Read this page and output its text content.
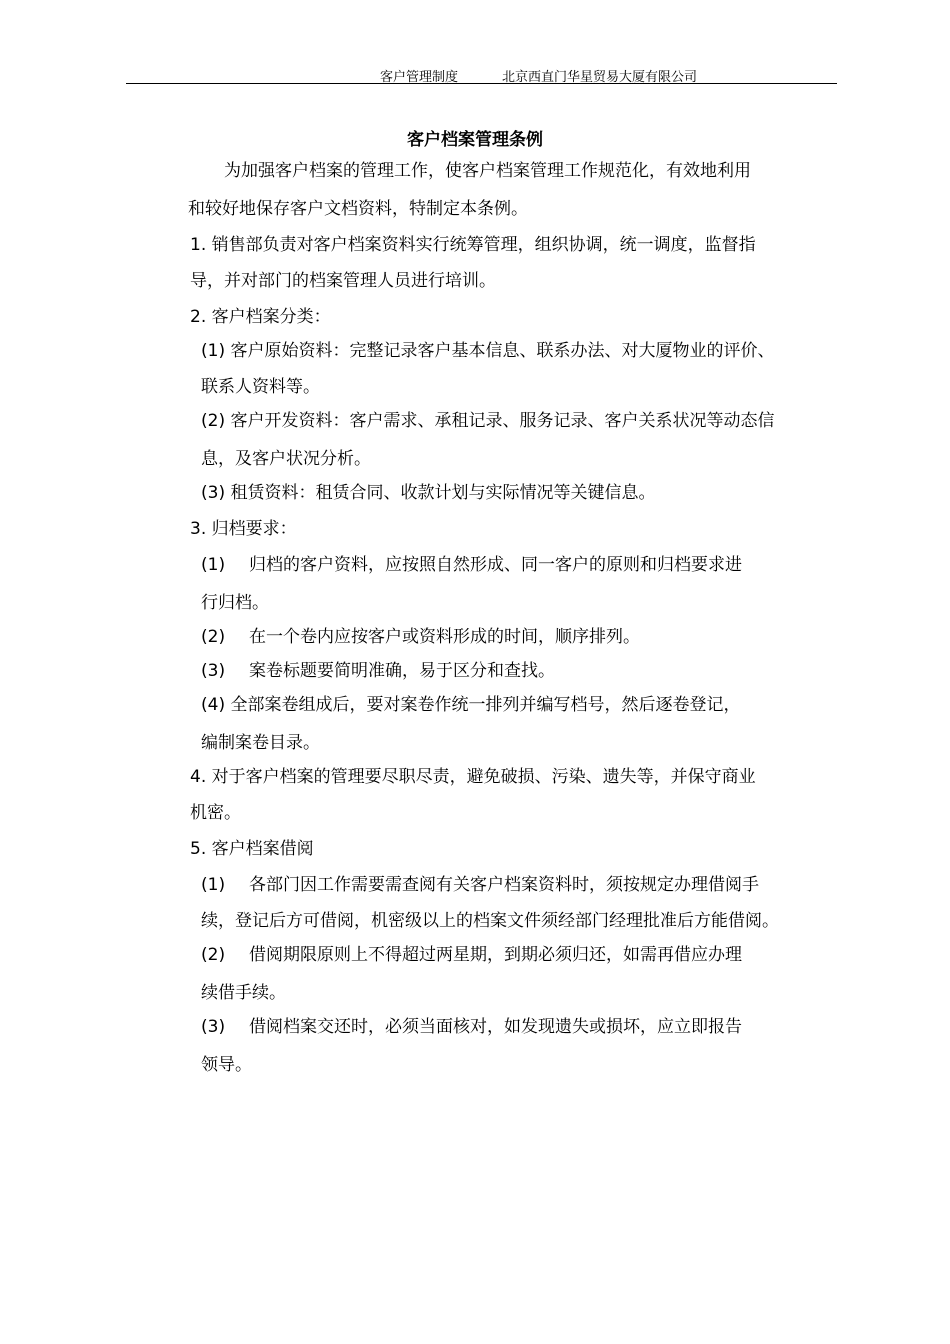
客户管理制度	北京西直门华星贸易大厦有限公司
客户档案管理条例
为加强客户档案的管理工作，使客户档案管理工作规范化，有效地利用
和较好地保存客户文档资料，特制定本条例。
1. 销售部负责对客户档案资料实行统筹管理，组织协调，统一调度，监督指
导，并对部门的档案管理人员进行培训。
2. 客户档案分类：
(1) 客户原始资料：完整记录客户基本信息、联系办法、对大厦物业的评价、
联系人资料等。
(2) 客户开发资料：客户需求、承租记录、服务记录、客户关系状况等动态信
息，及客户状况分析。
(3) 租赁资料：租赁合同、收款计划与实际情况等关键信息。
3. 归档要求：
(1) 归档的客户资料，应按照自然形成、同一客户的原则和归档要求进
行归档。
(2) 在一个卷内应按客户或资料形成的时间，顺序排列。
(3) 案卷标题要简明准确，易于区分和查找。
(4) 全部案卷组成后，要对案卷作统一排列并编写档号，然后逐卷登记，
编制案卷目录。
4. 对于客户档案的管理要尽职尽责，避免破损、污染、遗失等，并保守商业
机密。
5. 客户档案借阅
(1) 各部门因工作需要需查阅有关客户档案资料时，须按规定办理借阅手
续，登记后方可借阅，机密级以上的档案文件须经部门经理批准后方能借阅。
(2) 借阅期限原则上不得超过两星期，到期必须归还，如需再借应办理
续借手续。
(3) 借阅档案交还时，必须当面核对，如发现遗失或损坏，应立即报告
领导。
